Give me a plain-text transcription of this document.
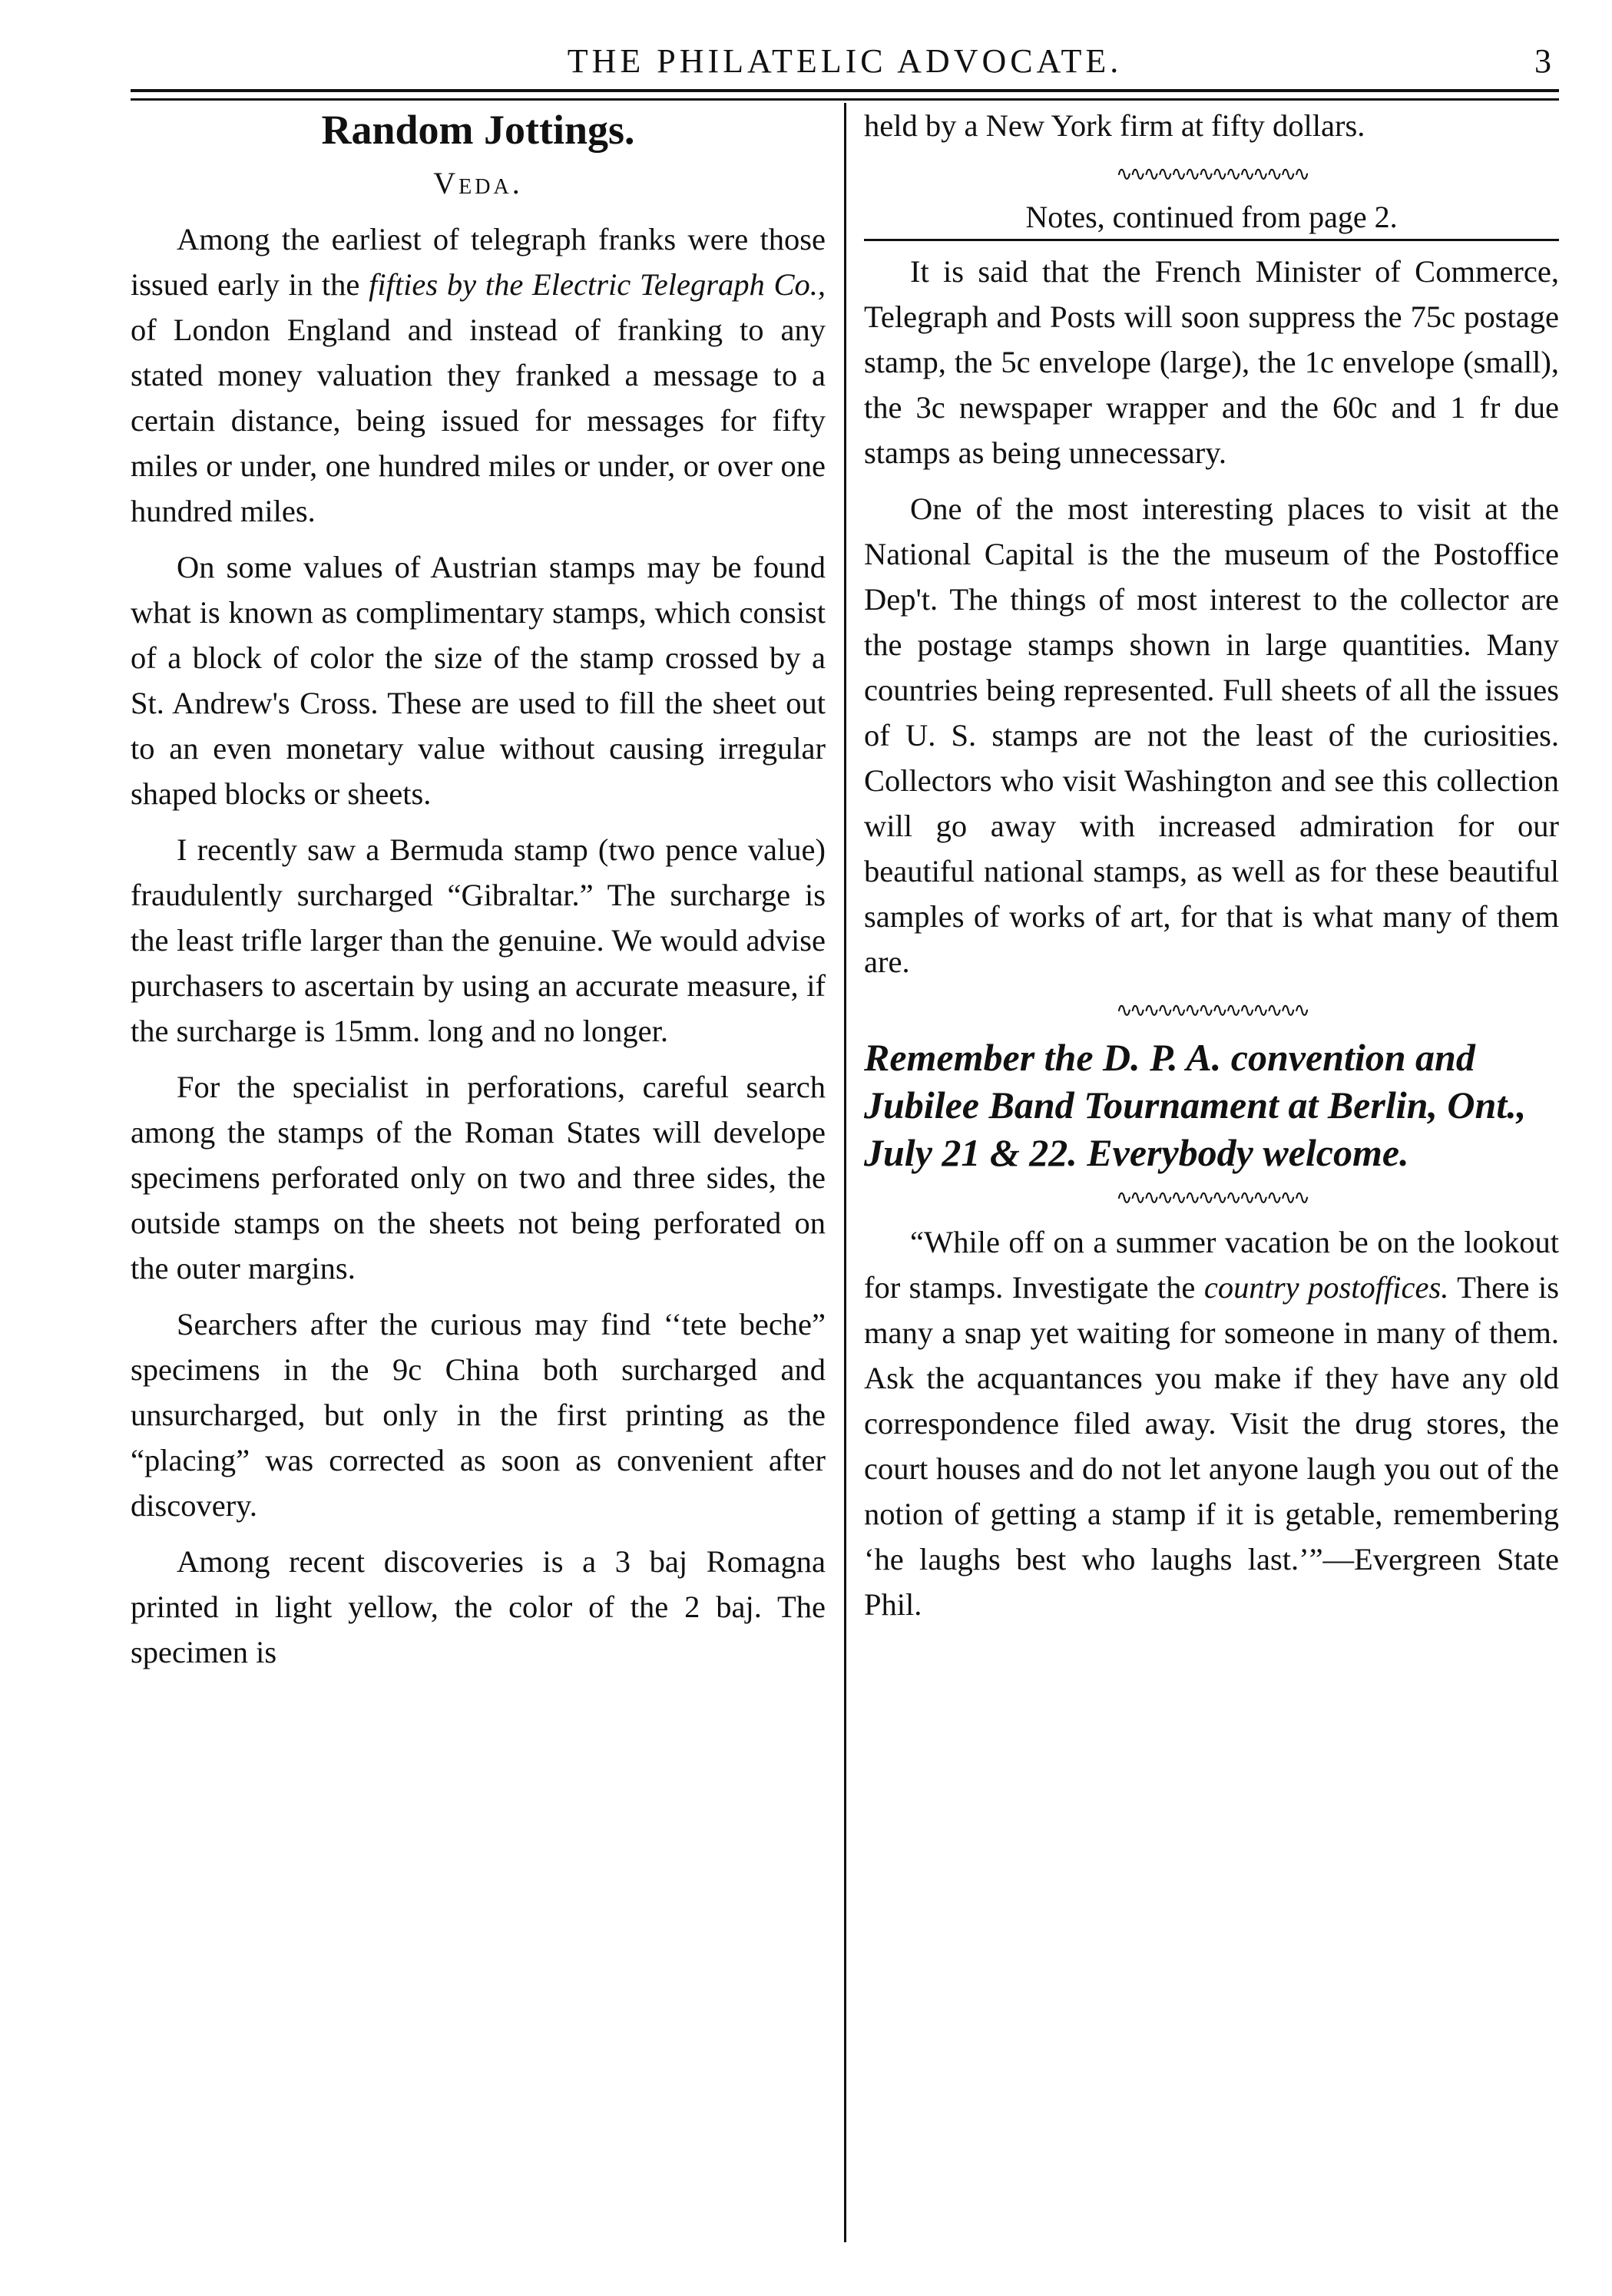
THE PHILATELIC ADVOCATE.	3
Random Jottings.
Veda.

Among the earliest of telegraph franks were those issued early in the fifties by the Electric Telegraph Co., of London England and instead of franking to any stated money valuation they franked a message to a certain distance, being issued for messages for fifty miles or under, one hundred miles or under, or over one hundred miles.

On some values of Austrian stamps may be found what is known as complimentary stamps, which consist of a block of color the size of the stamp crossed by a St. Andrew's Cross. These are used to fill the sheet out to an even monetary value without causing irregular shaped blocks or sheets.

I recently saw a Bermuda stamp (two pence value) fraudulently surcharged “Gibraltar.” The surcharge is the least trifle larger than the genuine. We would advise purchasers to ascertain by using an accurate measure, if the surcharge is 15mm. long and no longer.

For the specialist in perforations, careful search among the stamps of the Roman States will develope specimens perforated only on two and three sides, the outside stamps on the sheets not being perforated on the outer margins.

Searchers after the curious may find ‘‘tete beche” specimens in the 9c China both surcharged and unsurcharged, but only in the first printing as the “placing” was corrected as soon as convenient after discovery.

Among recent discoveries is a 3 baj Romagna printed in light yellow, the color of the 2 baj. The specimen is

held by a New York firm at fifty dollars.

∿∿∿∿∿∿∿∿∿∿∿∿∿∿
Notes, continued from page 2.

It is said that the French Minister of Commerce, Telegraph and Posts will soon suppress the 75c postage stamp, the 5c envelope (large), the 1c envelope (small), the 3c newspaper wrapper and the 60c and 1 fr due stamps as being unnecessary.

One of the most interesting places to visit at the National Capital is the the museum of the Postoffice Dep't. The things of most interest to the collector are the postage stamps shown in large quantities. Many countries being represented. Full sheets of all the issues of U. S. stamps are not the least of the curiosities. Collectors who visit Washington and see this collection will go away with increased admiration for our beautiful national stamps, as well as for these beautiful samples of works of art, for that is what many of them are.

∿∿∿∿∿∿∿∿∿∿∿∿∿∿
Remember the D. P. A. convention and Jubilee Band Tournament at Berlin, Ont., July 21 & 22. Everybody welcome.
∿∿∿∿∿∿∿∿∿∿∿∿∿∿

“While off on a summer vacation be on the lookout for stamps. Investigate the country postoffices. There is many a snap yet waiting for someone in many of them. Ask the acquantances you make if they have any old correspondence filed away. Visit the drug stores, the court houses and do not let anyone laugh you out of the notion of getting a stamp if it is getable, remembering ‘he laughs best who laughs last.’”—Evergreen State Phil.
